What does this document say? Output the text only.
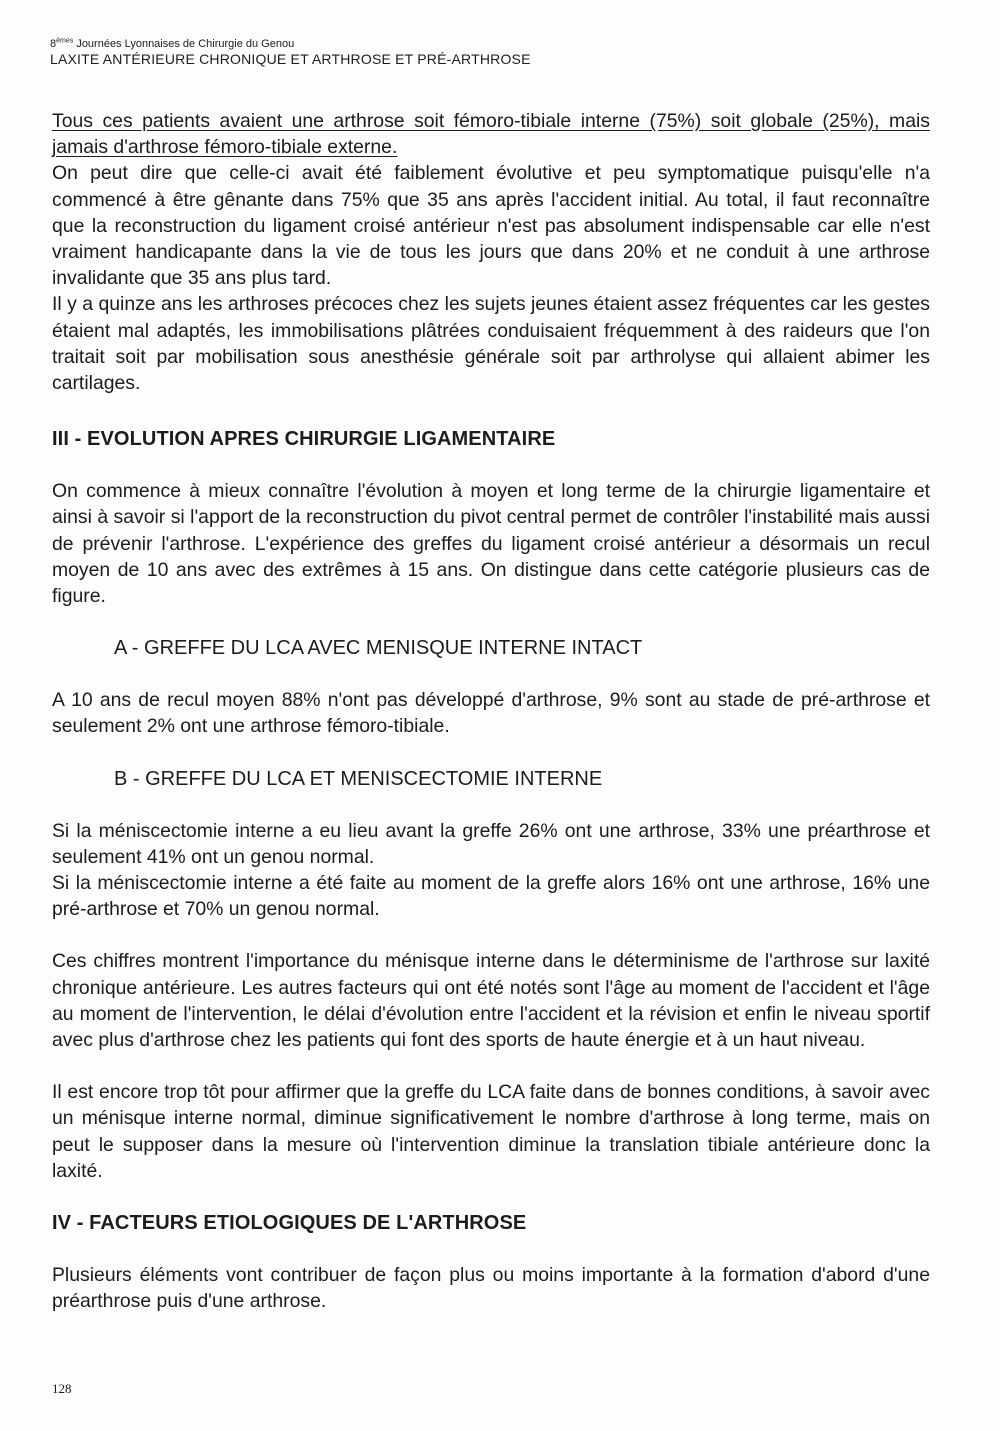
8èmes Journées Lyonnaises de Chirurgie du Genou
LAXITE ANTÉRIEURE CHRONIQUE ET ARTHROSE ET PRÉ-ARTHROSE

Tous ces patients avaient une arthrose soit fémoro-tibiale interne (75%) soit globale (25%), mais jamais d'arthrose fémoro-tibiale externe.

On peut dire que celle-ci avait été faiblement évolutive et peu symptomatique puisqu'elle n'a commencé à être gênante dans 75% que 35 ans après l'accident initial. Au total, il faut reconnaître que la reconstruction du ligament croisé antérieur n'est pas absolument indispensable car elle n'est vraiment handicapante dans la vie de tous les jours que dans 20% et ne conduit à une arthrose invalidante que 35 ans plus tard.

Il y a quinze ans les arthroses précoces chez les sujets jeunes étaient assez fréquentes car les gestes étaient mal adaptés, les immobilisations plâtrées conduisaient fréquemment à des raideurs que l'on traitait soit par mobilisation sous anesthésie générale soit par arthrolyse qui allaient abimer les cartilages.

III - EVOLUTION APRES CHIRURGIE LIGAMENTAIRE

On commence à mieux connaître l'évolution à moyen et long terme de la chirurgie ligamentaire et ainsi à savoir si l'apport de la reconstruction du pivot central permet de contrôler l'instabilité mais aussi de prévenir l'arthrose. L'expérience des greffes du ligament croisé antérieur a désormais un recul moyen de 10 ans avec des extrêmes à 15 ans. On distingue dans cette catégorie plusieurs cas de figure.

A - GREFFE DU LCA AVEC MENISQUE INTERNE INTACT

A 10 ans de recul moyen 88% n'ont pas développé d'arthrose, 9% sont au stade de pré-arthrose et seulement 2% ont une arthrose fémoro-tibiale.

B - GREFFE DU LCA ET MENISCECTOMIE INTERNE

Si la méniscectomie interne a eu lieu avant la greffe 26% ont une arthrose, 33% une préarthrose et seulement 41% ont un genou normal.

Si la méniscectomie interne a été faite au moment de la greffe alors 16% ont une arthrose, 16% une pré-arthrose et 70% un genou normal.

Ces chiffres montrent l'importance du ménisque interne dans le déterminisme de l'arthrose sur laxité chronique antérieure. Les autres facteurs qui ont été notés sont l'âge au moment de l'accident et l'âge au moment de l'intervention, le délai d'évolution entre l'accident et la révision et enfin le niveau sportif avec plus d'arthrose chez les patients qui font des sports de haute énergie et à un haut niveau.

Il est encore trop tôt pour affirmer que la greffe du LCA faite dans de bonnes conditions, à savoir avec un ménisque interne normal, diminue significativement le nombre d'arthrose à long terme, mais on peut le supposer dans la mesure où l'intervention diminue la translation tibiale antérieure donc la laxité.

IV - FACTEURS ETIOLOGIQUES DE L'ARTHROSE

Plusieurs éléments vont contribuer de façon plus ou moins importante à la formation d'abord d'une préarthrose puis d'une arthrose.

128
